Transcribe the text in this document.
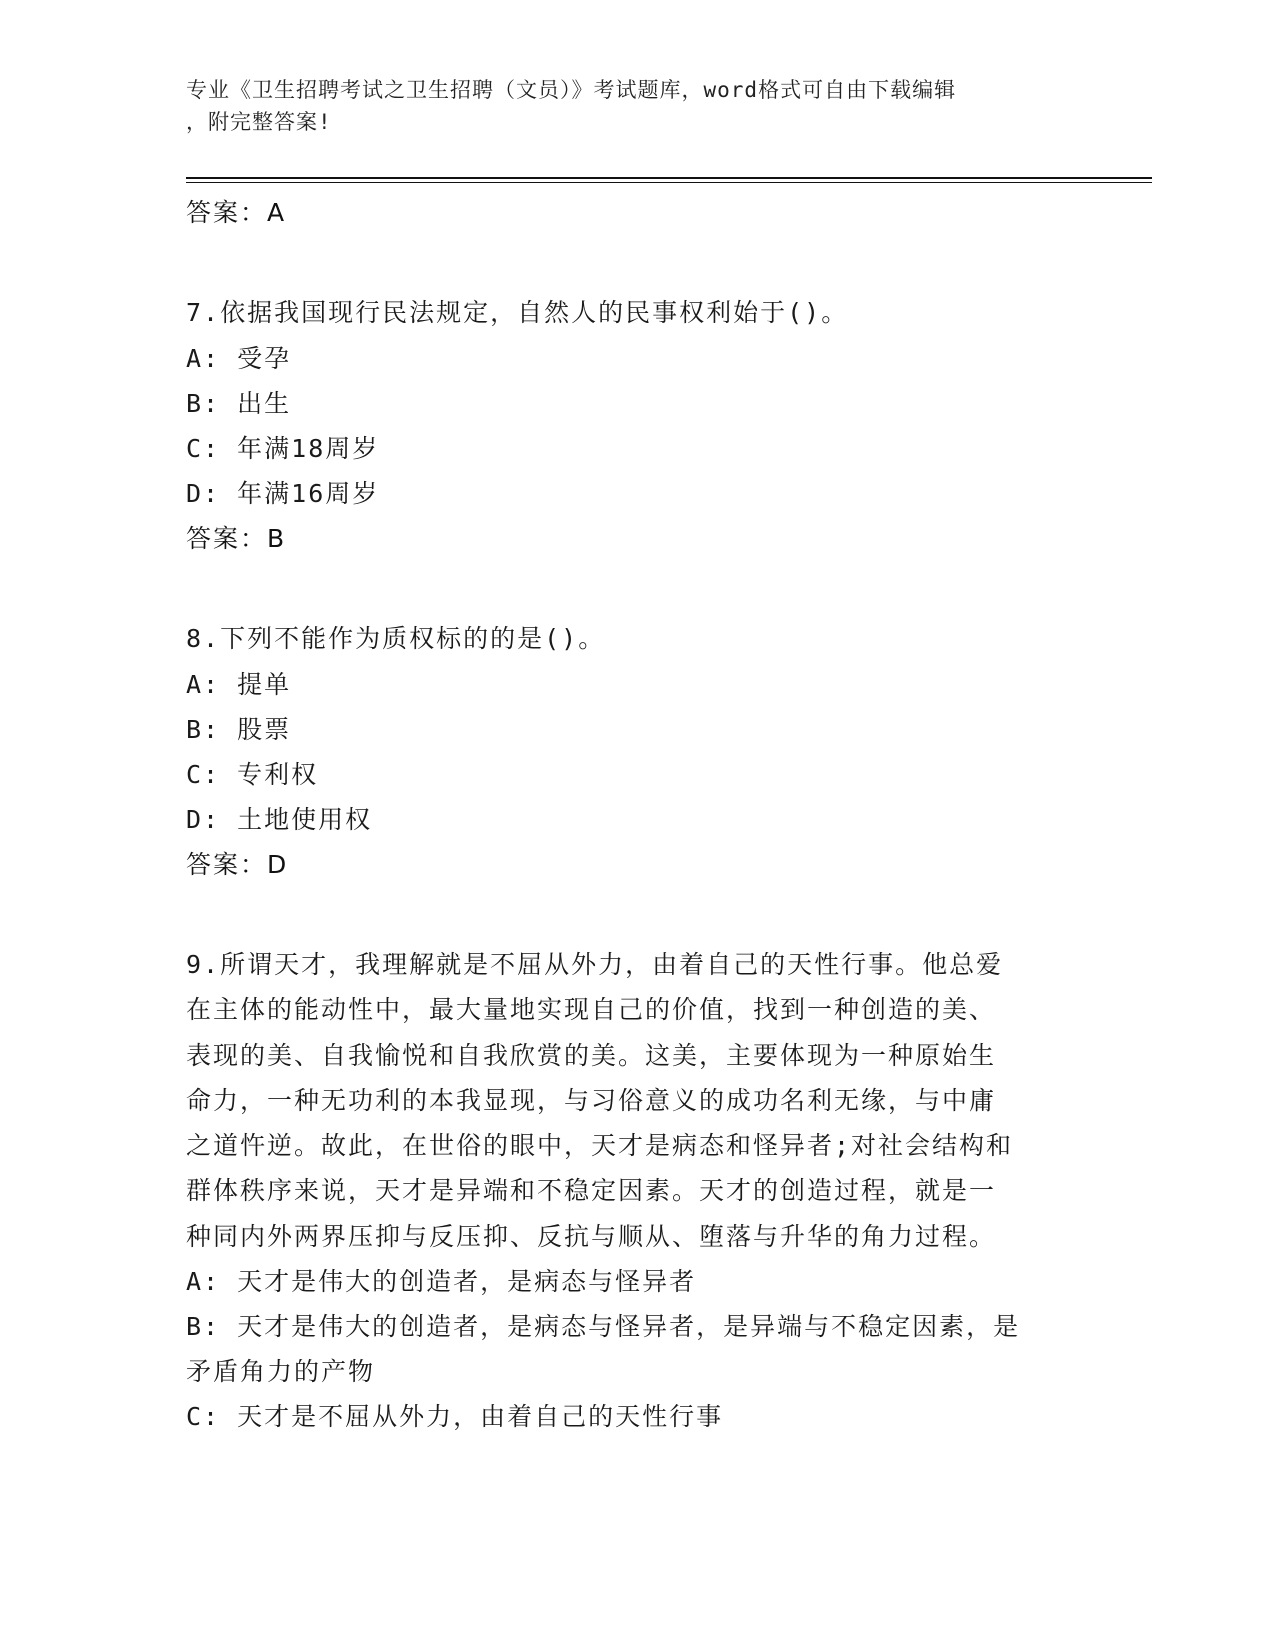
专业《卫生招聘考试之卫生招聘（文员）》考试题库，word格式可自由下载编辑
，附完整答案!
答案：A
7.依据我国现行民法规定，自然人的民事权利始于()。
A: 受孕
B: 出生
C: 年满18周岁
D: 年满16周岁
答案：B
8.下列不能作为质权标的的是()。
A: 提单
B: 股票
C: 专利权
D: 土地使用权
答案：D
9.所谓天才，我理解就是不屈从外力，由着自己的天性行事。他总爱
在主体的能动性中，最大量地实现自己的价值，找到一种创造的美、
表现的美、自我愉悦和自我欣赏的美。这美，主要体现为一种原始生
命力，一种无功利的本我显现，与习俗意义的成功名利无缘，与中庸
之道忤逆。故此，在世俗的眼中，天才是病态和怪异者;对社会结构和
群体秩序来说，天才是异端和不稳定因素。天才的创造过程，就是一
种同内外两界压抑与反压抑、反抗与顺从、堕落与升华的角力过程。
A: 天才是伟大的创造者，是病态与怪异者
B: 天才是伟大的创造者，是病态与怪异者，是异端与不稳定因素，是
矛盾角力的产物
C: 天才是不屈从外力，由着自己的天性行事
